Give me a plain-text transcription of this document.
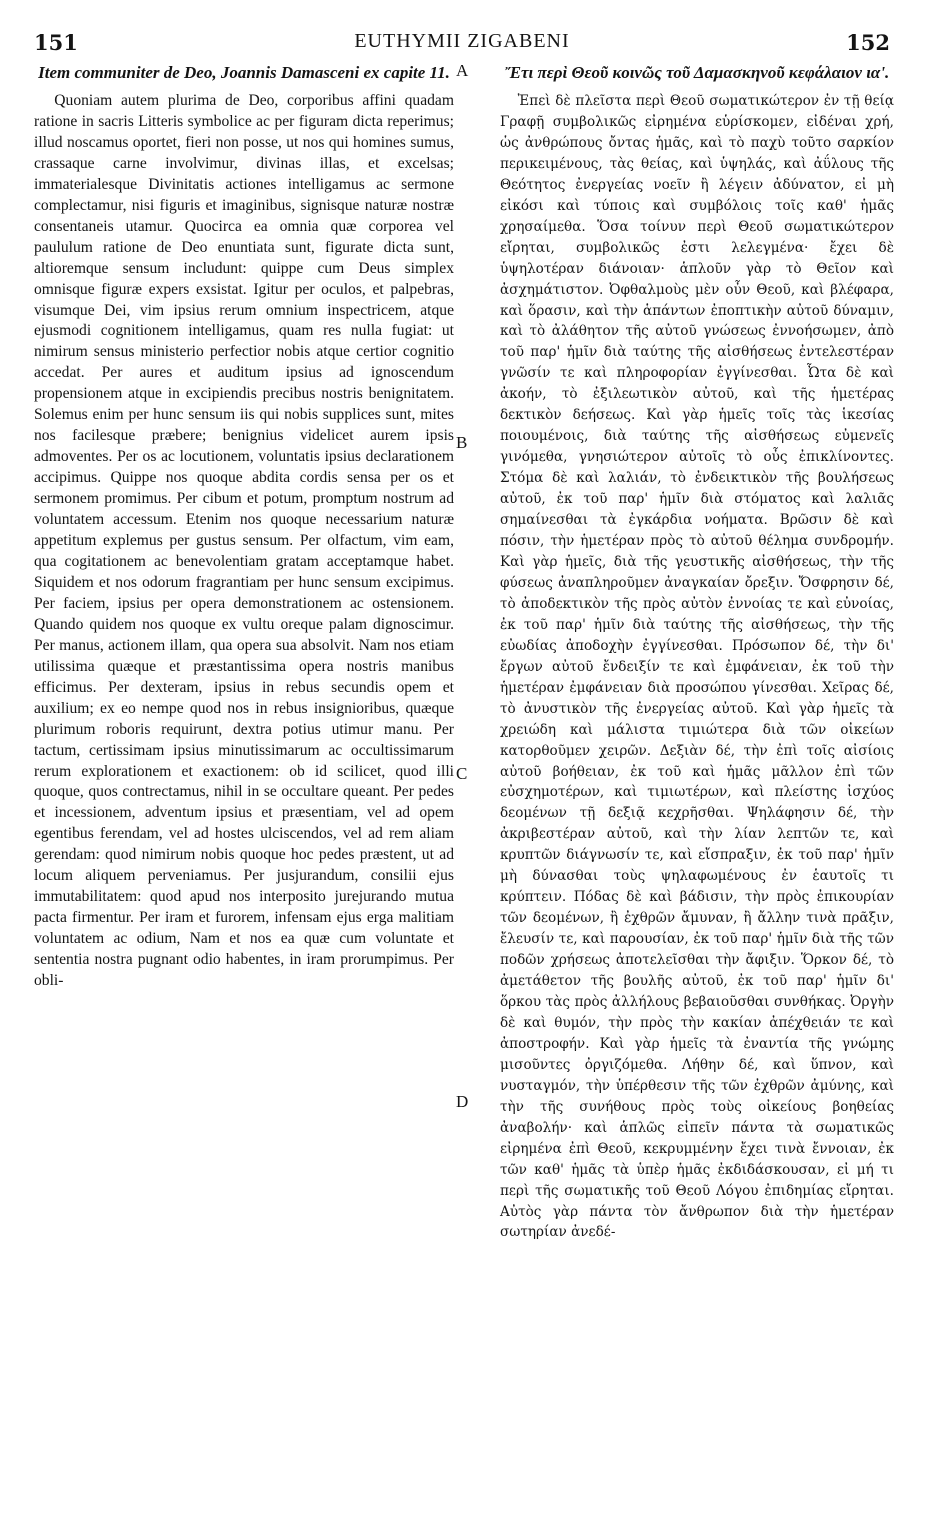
151	EUTHYMII ZIGABENI	152
Item communiter de Deo, Joannis Damasceni ex capite 11.

Quoniam autem plurima de Deo, corporibus affini quadam ratione in sacris Litteris symbolice ac per figuram dicta reperimus; illud noscamus oportet, fieri non posse, ut nos qui homines sumus, crassaque carne involvimur, divinas illas, et excelsas; immaterialesque Divinitatis actiones intelligamus ac sermone complectamur, nisi figuris et imaginibus, signisque naturæ nostræ consentaneis utamur. Quocirca ea omnia quæ corporea vel paululum ratione de Deo enuntiata sunt, figurate dicta sunt, altioremque sensum includunt: quippe cum Deus simplex omnisque figuræ expers exsistat. Igitur per oculos, et palpebras, visumque Dei, vim ipsius rerum omnium inspectricem, atque ejusmodi cognitionem intelligamus, quam res nulla fugiat: ut nimirum sensus ministerio perfectior nobis atque certior cognitio accedat. Per aures et auditum ipsius ad ignoscendum propensionem atque in excipiendis precibus nostris benignitatem. Solemus enim per hunc sensum iis qui nobis supplices sunt, mites nos facilesque præbere; benignius videlicet aurem ipsis admoventes. Per os ac locutionem, voluntatis ipsius declarationem accipimus. Quippe nos quoque abdita cordis sensa per os et sermonem promimus. Per cibum et potum, promptum nostrum ad voluntatem accessum. Etenim nos quoque necessarium naturæ appetitum explemus per gustus sensum. Per olfactum, vim eam, qua cogitationem ac benevolentiam gratam acceptamque habet. Siquidem et nos odorum fragrantiam per hunc sensum excipimus. Per faciem, ipsius per opera demonstrationem ac ostensionem. Quando quidem nos quoque ex vultu oreque palam dignoscimur. Per manus, actionem illam, qua opera sua absolvit. Nam nos etiam utilissima quæque et præstantissima opera nostris manibus efficimus. Per dexteram, ipsius in rebus secundis opem et auxilium; ex eo nempe quod nos in rebus insignioribus, quæque plurimum roboris requirunt, dextra potius utimur manu. Per tactum, certissimam ipsius minutissimarum ac occultissimarum rerum explorationem et exactionem: ob id scilicet, quod illi quoque, quos contrectamus, nihil in se occultare queant. Per pedes et incessionem, adventum ipsius et præsentiam, vel ad opem egentibus ferendam, vel ad hostes ulciscendos, vel ad rem aliam gerendam: quod nimirum nobis quoque hoc pedes præstent, ut ad locum aliquem perveniamus. Per jusjurandum, consilii ejus immutabilitatem: quod apud nos interposito jurejurando mutua pacta firmentur. Per iram et furorem, infensam ejus erga malitiam voluntatem ac odium, Nam et nos ea quæ cum voluntate et sententia nostra pugnant odio habentes, in iram prorumpimus. Per obli-

Ἔτι περὶ Θεοῦ κοινῶς τοῦ Δαμασκηνοῦ κεφάλαιον ια'.

Ἐπεὶ δὲ πλεῖστα περὶ Θεοῦ σωματικώτερον ἐν τῇ θείᾳ Γραφῇ συμβολικῶς εἰρημένα εὑρίσκομεν, εἰδέναι χρή, ὡς ἀνθρώπους ὄντας ἡμᾶς, καὶ τὸ παχὺ τοῦτο σαρκίον περικειμένους, τὰς θείας, καὶ ὑψηλάς, καὶ ἀΰλους τῆς Θεότητος ἐνεργείας νοεῖν ἢ λέγειν ἀδύνατον, εἰ μὴ εἰκόσι καὶ τύποις καὶ συμβόλοις τοῖς καθ' ἡμᾶς χρησαίμεθα. Ὅσα τοίνυν περὶ Θεοῦ σωματικώτερον εἴρηται, συμβολικῶς ἐστι λελεγμένα· ἔχει δὲ ὑψηλοτέραν διάνοιαν· ἁπλοῦν γὰρ τὸ Θεῖον καὶ ἀσχημάτιστον. Ὀφθαλμοὺς μὲν οὖν Θεοῦ, καὶ βλέφαρα, καὶ ὅρασιν, καὶ τὴν ἁπάντων ἐποπτικὴν αὐτοῦ δύναμιν, καὶ τὸ ἀλάθητον τῆς αὐτοῦ γνώσεως ἐννοήσωμεν, ἀπὸ τοῦ παρ' ἡμῖν διὰ ταύτης τῆς αἰσθήσεως ἐντελεστέραν γνῶσίν τε καὶ πληροφορίαν ἐγγίνεσθαι. Ὦτα δὲ καὶ ἀκοήν, τὸ ἐξιλεωτικὸν αὐτοῦ, καὶ τῆς ἡμετέρας δεκτικὸν δεήσεως. Καὶ γὰρ ἡμεῖς τοῖς τὰς ἱκεσίας ποιουμένοις, διὰ ταύτης τῆς αἰσθήσεως εὐμενεῖς γινόμεθα, γνησιώτερον αὐτοῖς τὸ οὖς ἐπικλίνοντες. Στόμα δὲ καὶ λαλιάν, τὸ ἐνδεικτικὸν τῆς βουλήσεως αὐτοῦ, ἐκ τοῦ παρ' ἡμῖν διὰ στόματος καὶ λαλιᾶς σημαίνεσθαι τὰ ἐγκάρδια νοήματα. Βρῶσιν δὲ καὶ πόσιν, τὴν ἡμετέραν πρὸς τὸ αὐτοῦ θέλημα συνδρομήν. Καὶ γὰρ ἡμεῖς, διὰ τῆς γευστικῆς αἰσθήσεως, τὴν τῆς φύσεως ἀναπληροῦμεν ἀναγκαίαν ὄρεξιν. Ὄσφρησιν δέ, τὸ ἀποδεκτικὸν τῆς πρὸς αὐτὸν ἐννοίας τε καὶ εὐνοίας, ἐκ τοῦ παρ' ἡμῖν διὰ ταύτης τῆς αἰσθήσεως, τὴν τῆς εὐωδίας ἀποδοχὴν ἐγγίνεσθαι. Πρόσωπον δέ, τὴν δι' ἔργων αὐτοῦ ἔνδειξίν τε καὶ ἐμφάνειαν, ἐκ τοῦ τὴν ἡμετέραν ἐμφάνειαν διὰ προσώπου γίνεσθαι. Χεῖρας δέ, τὸ ἀνυστικὸν τῆς ἐνεργείας αὐτοῦ. Καὶ γὰρ ἡμεῖς τὰ χρειώδη καὶ μάλιστα τιμιώτερα διὰ τῶν οἰκείων κατορθοῦμεν χειρῶν. Δεξιὰν δέ, τὴν ἐπὶ τοῖς αἰσίοις αὐτοῦ βοήθειαν, ἐκ τοῦ καὶ ἡμᾶς μᾶλλον ἐπὶ τῶν εὐσχημοτέρων, καὶ τιμιωτέρων, καὶ πλείστης ἰσχύος δεομένων τῇ δεξιᾷ κεχρῆσθαι. Ψηλάφησιν δέ, τὴν ἀκριβεστέραν αὐτοῦ, καὶ τὴν λίαν λεπτῶν τε, καὶ κρυπτῶν διάγνωσίν τε, καὶ εἴσπραξιν, ἐκ τοῦ παρ' ἡμῖν μὴ δύνασθαι τοὺς ψηλαφωμένους ἐν ἑαυτοῖς τι κρύπτειν. Πόδας δὲ καὶ βάδισιν, τὴν πρὸς ἐπικουρίαν τῶν δεομένων, ἢ ἐχθρῶν ἄμυναν, ἢ ἄλλην τινὰ πρᾶξιν, ἔλευσίν τε, καὶ παρουσίαν, ἐκ τοῦ παρ' ἡμῖν διὰ τῆς τῶν ποδῶν χρήσεως ἀποτελεῖσθαι τὴν ἄφιξιν. Ὅρκον δέ, τὸ ἀμετάθετον τῆς βουλῆς αὐτοῦ, ἐκ τοῦ παρ' ἡμῖν δι' ὅρκου τὰς πρὸς ἀλλήλους βεβαιοῦσθαι συνθήκας. Ὀργὴν δὲ καὶ θυμόν, τὴν πρὸς τὴν κακίαν ἀπέχθειάν τε καὶ ἀποστροφήν. Καὶ γὰρ ἡμεῖς τὰ ἐναντία τῆς γνώμης μισοῦντες ὀργιζόμεθα. Λήθην δέ, καὶ ὕπνον, καὶ νυσταγμόν, τὴν ὑπέρθεσιν τῆς τῶν ἐχθρῶν ἀμύνης, καὶ τὴν τῆς συνήθους πρὸς τοὺς οἰκείους βοηθείας ἀναβολήν· καὶ ἁπλῶς εἰπεῖν πάντα τὰ σωματικῶς εἰρημένα ἐπὶ Θεοῦ, κεκρυμμένην ἔχει τινὰ ἔννοιαν, ἐκ τῶν καθ' ἡμᾶς τὰ ὑπὲρ ἡμᾶς ἐκδιδάσκουσαν, εἰ μή τι περὶ τῆς σωματικῆς τοῦ Θεοῦ Λόγου ἐπιδημίας εἴρηται. Αὐτὸς γὰρ πάντα τὸν ἄνθρωπον διὰ τὴν ἡμετέραν σωτηρίαν ἀνεδέ-

A
B
C
D
